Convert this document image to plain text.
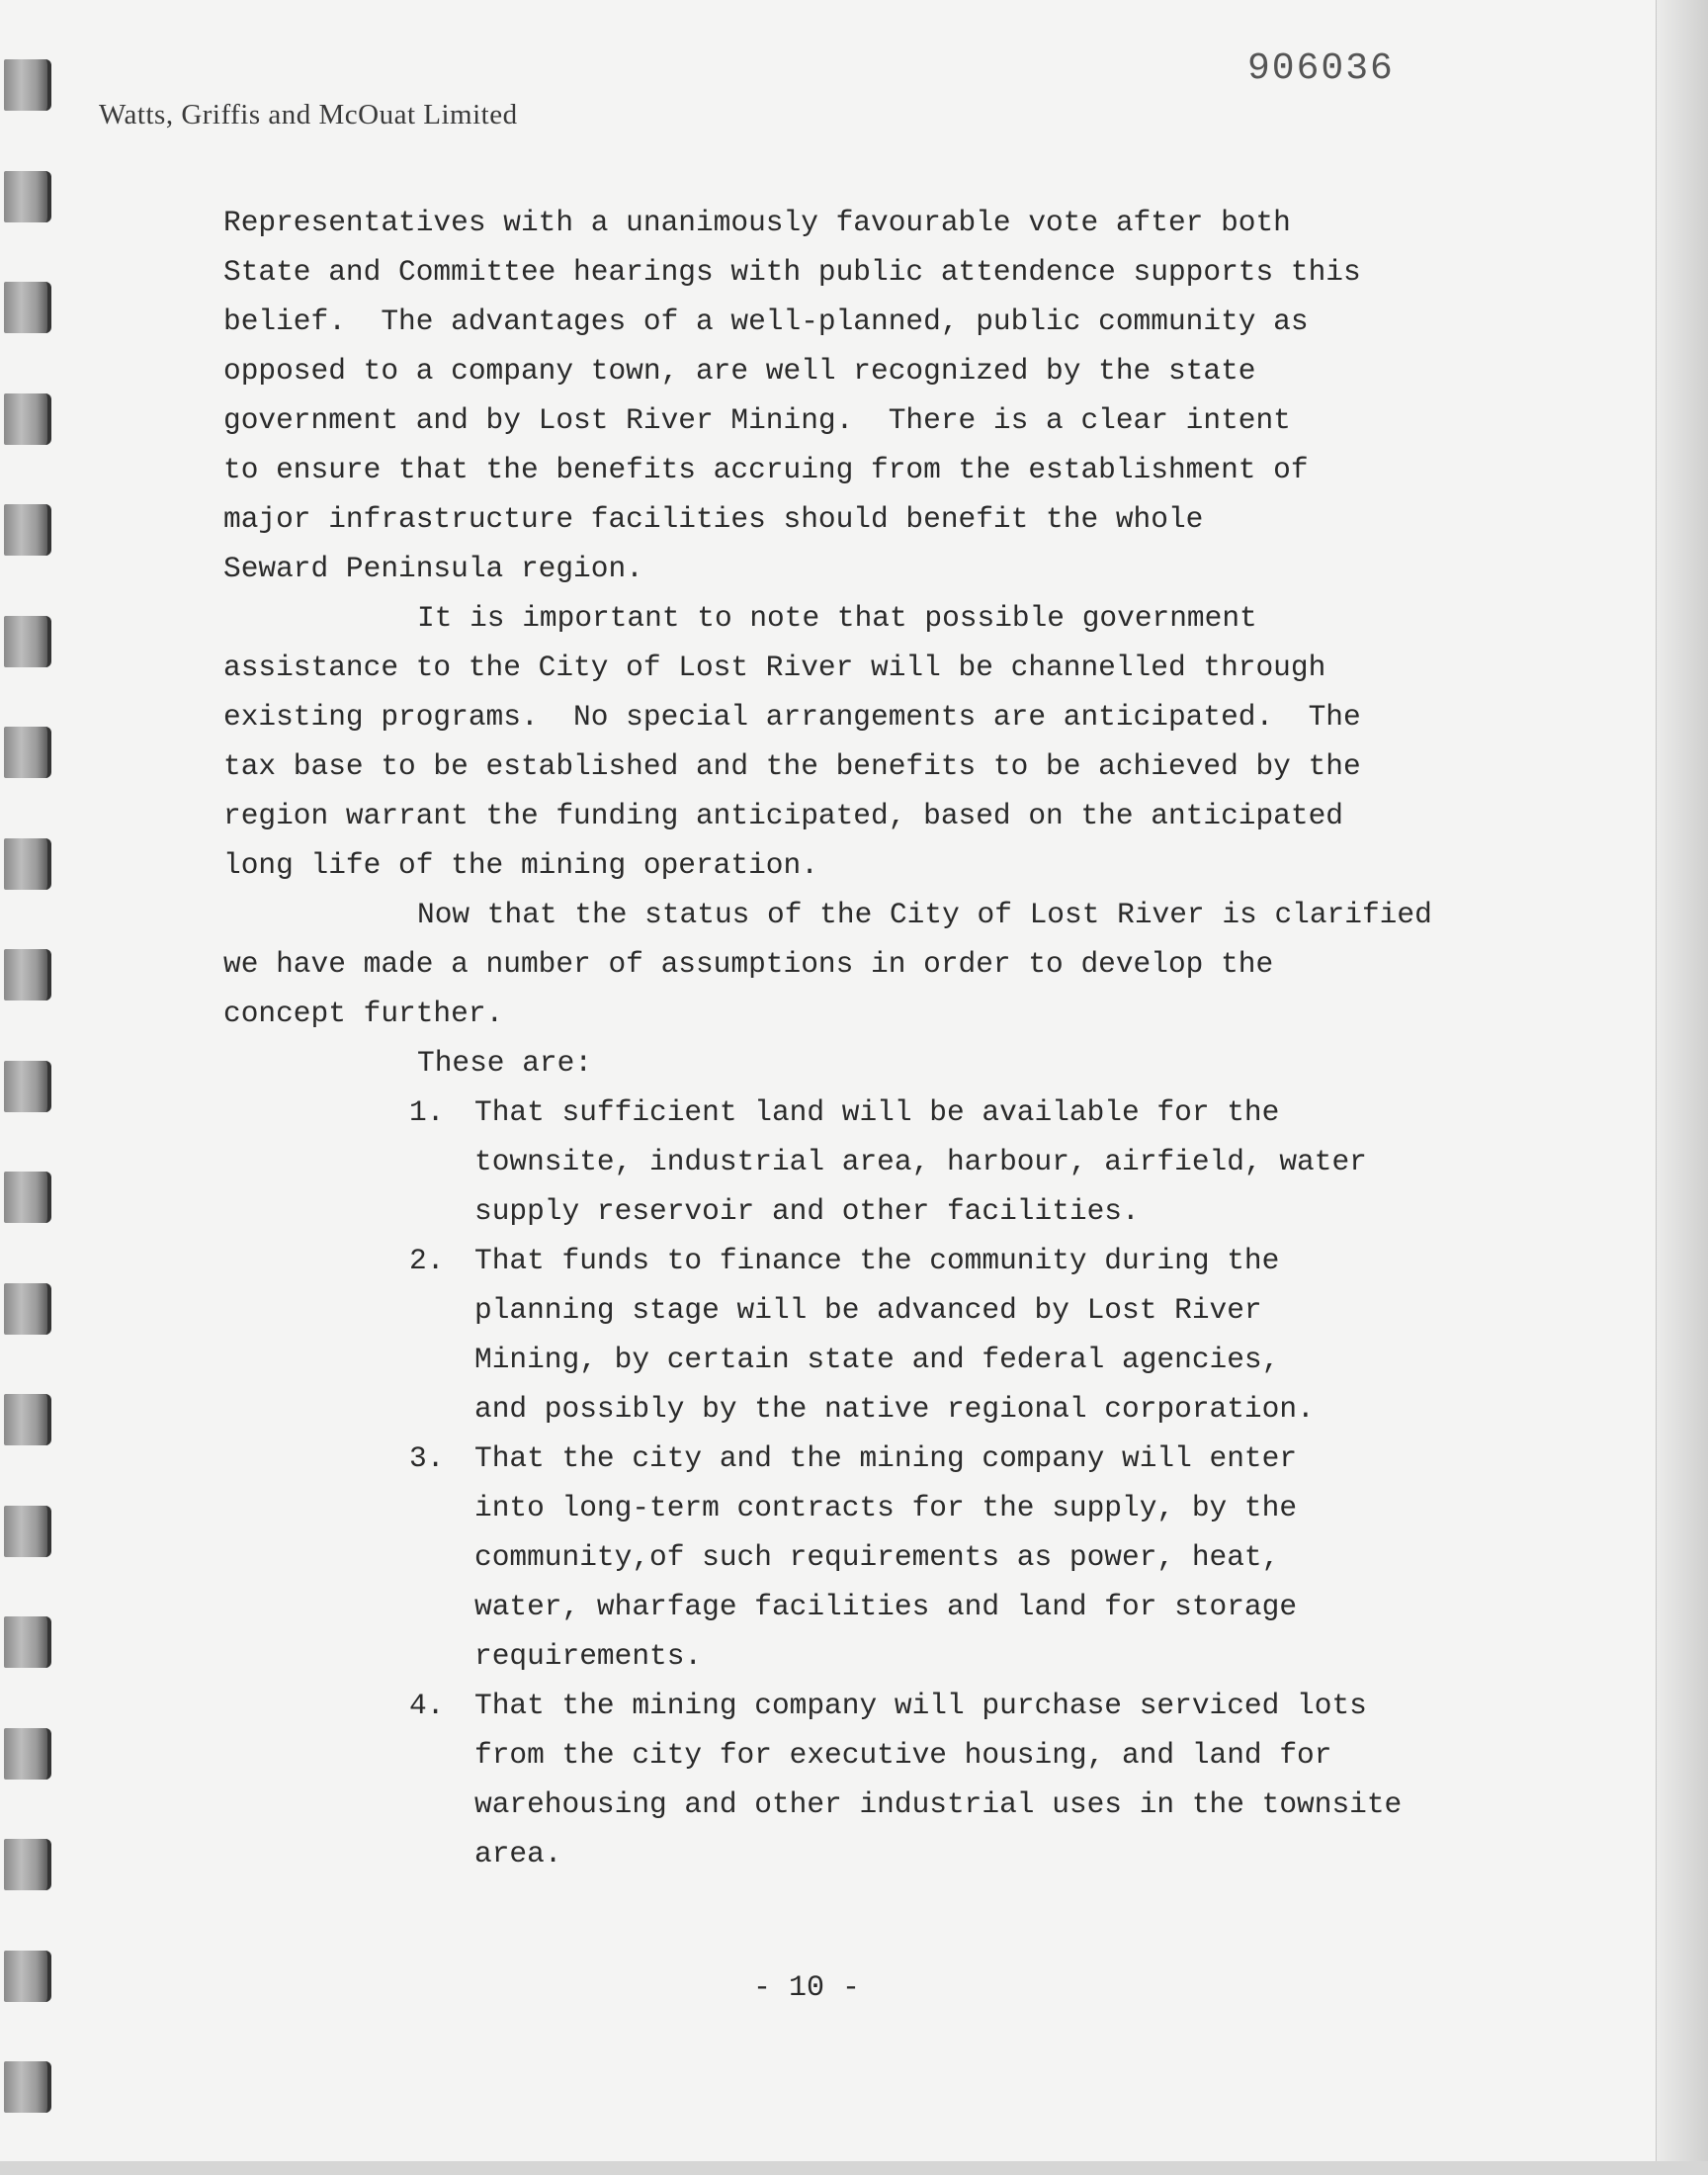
Watts, Griffis and McOuat Limited
906036
Representatives with a unanimously favourable vote after both
State and Committee hearings with public attendence supports this
belief.  The advantages of a well-planned, public community as
opposed to a company town, are well recognized by the state
government and by Lost River Mining.  There is a clear intent
to ensure that the benefits accruing from the establishment of
major infrastructure facilities should benefit the whole
Seward Peninsula region.
It is important to note that possible government
assistance to the City of Lost River will be channelled through
existing programs.  No special arrangements are anticipated.  The
tax base to be established and the benefits to be achieved by the
region warrant the funding anticipated, based on the anticipated
long life of the mining operation.
Now that the status of the City of Lost River is clarified
we have made a number of assumptions in order to develop the
concept further.
These are:
1. That sufficient land will be available for the
townsite, industrial area, harbour, airfield, water
supply reservoir and other facilities.
2. That funds to finance the community during the
planning stage will be advanced by Lost River
Mining, by certain state and federal agencies,
and possibly by the native regional corporation.
3. That the city and the mining company will enter
into long-term contracts for the supply, by the
community,of such requirements as power, heat,
water, wharfage facilities and land for storage
requirements.
4. That the mining company will purchase serviced lots
from the city for executive housing, and land for
warehousing and other industrial uses in the townsite
area.
- 10 -
